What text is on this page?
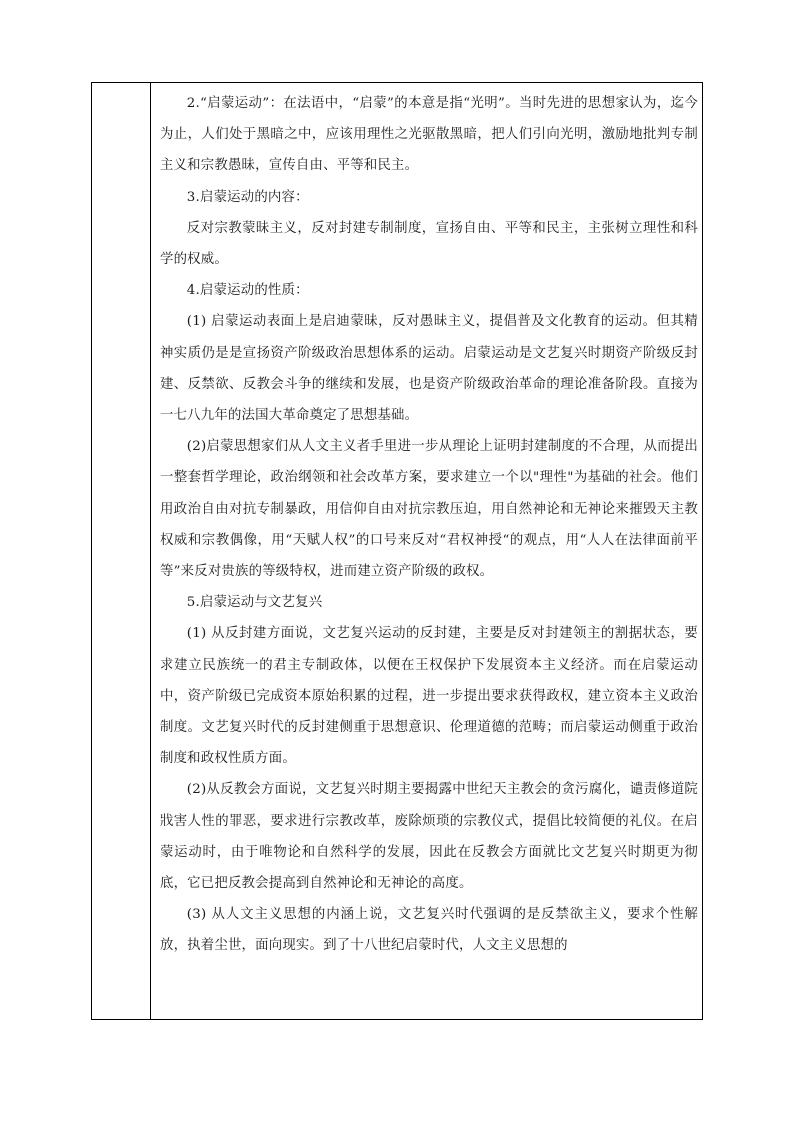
2.“启蒙运动”：在法语中，“启蒙”的本意是指“光明”。当时先进的思想家认为，迄今为止，人们处于黑暗之中，应该用理性之光驱散黑暗，把人们引向光明，激励地批判专制主义和宗教愚昧，宣传自由、平等和民主。

3.启蒙运动的内容：

反对宗教蒙昧主义，反对封建专制制度，宣扬自由、平等和民主，主张树立理性和科学的权威。

4.启蒙运动的性质：

(1) 启蒙运动表面上是启迪蒙昧，反对愚昧主义，提倡普及文化教育的运动。但其精神实质仍是是宣扬资产阶级政治思想体系的运动。启蒙运动是文艺复兴时期资产阶级反封建、反禁欲、反教会斗争的继续和发展，也是资产阶级政治革命的理论准备阶段。直接为一七八九年的法国大革命奠定了思想基础。

(2)启蒙思想家们从人文主义者手里进一步从理论上证明封建制度的不合理，从而提出一整套哲学理论，政治纲领和社会改革方案，要求建立一个以"理性"为基础的社会。他们用政治自由对抗专制暴政，用信仰自由对抗宗教压迫，用自然神论和无神论来摧毁天主教权威和宗教偶像，用“天赋人权”的口号来反对“君权神授“的观点，用“人人在法律面前平等”来反对贵族的等级特权，进而建立资产阶级的政权。

5.启蒙运动与文艺复兴

(1) 从反封建方面说，文艺复兴运动的反封建，主要是反对封建领主的割据状态，要求建立民族统一的君主专制政体，以便在王权保护下发展资本主义经济。而在启蒙运动中，资产阶级已完成资本原始积累的过程，进一步提出要求获得政权，建立资本主义政治制度。文艺复兴时代的反封建侧重于思想意识、伦理道德的范畴；而启蒙运动侧重于政治制度和政权性质方面。

(2)从反教会方面说，文艺复兴时期主要揭露中世纪天主教会的贪污腐化，谴责修道院戕害人性的罪恶，要求进行宗教改革，废除烦琐的宗教仪式，提倡比较简便的礼仪。在启蒙运动时，由于唯物论和自然科学的发展，因此在反教会方面就比文艺复兴时期更为彻底，它已把反教会提高到自然神论和无神论的高度。

(3) 从人文主义思想的内涵上说，文艺复兴时代强调的是反禁欲主义，要求个性解放，执着尘世，面向现实。到了十八世纪启蒙时代，人文主义思想的
